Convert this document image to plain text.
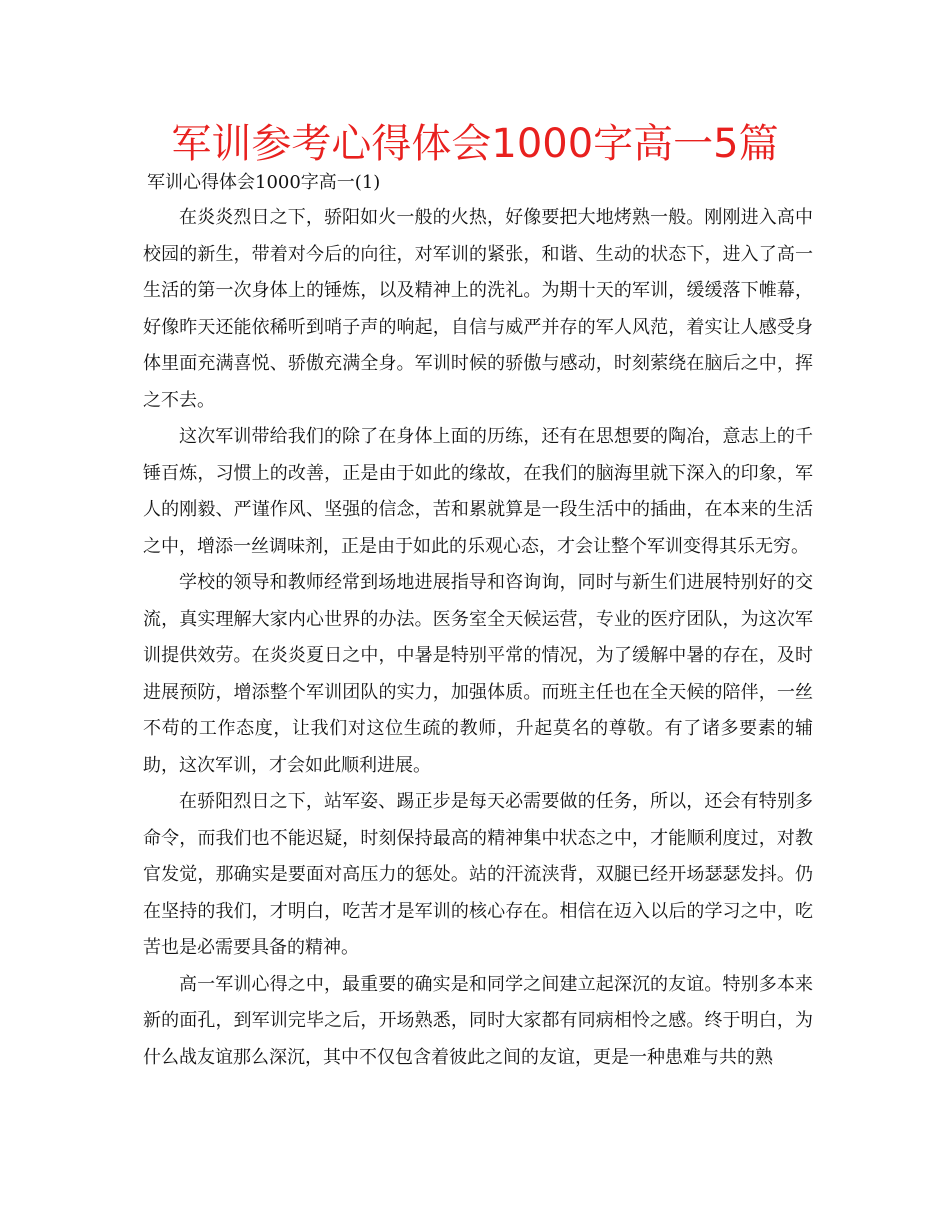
军训参考心得体会1000字高一5篇

军训心得体会1000字高一(1)

在炎炎烈日之下，骄阳如火一般的火热，好像要把大地烤熟一般。刚刚进入高中校园的新生，带着对今后的向往，对军训的紧张，和谐、生动的状态下，进入了高一生活的第一次身体上的锤炼，以及精神上的洗礼。为期十天的军训，缓缓落下帷幕，好像昨天还能依稀听到哨子声的响起，自信与威严并存的军人风范，着实让人感受身体里面充满喜悦、骄傲充满全身。军训时候的骄傲与感动，时刻萦绕在脑后之中，挥之不去。

这次军训带给我们的除了在身体上面的历练，还有在思想要的陶冶，意志上的千锤百炼，习惯上的改善，正是由于如此的缘故，在我们的脑海里就下深入的印象，军人的刚毅、严谨作风、坚强的信念，苦和累就算是一段生活中的插曲，在本来的生活之中，增添一丝调味剂，正是由于如此的乐观心态，才会让整个军训变得其乐无穷。

学校的领导和教师经常到场地进展指导和咨询询，同时与新生们进展特别好的交流，真实理解大家内心世界的办法。医务室全天候运营，专业的医疗团队，为这次军训提供效劳。在炎炎夏日之中，中暑是特别平常的情况，为了缓解中暑的存在，及时进展预防，增添整个军训团队的实力，加强体质。而班主任也在全天候的陪伴，一丝不苟的工作态度，让我们对这位生疏的教师，升起莫名的尊敬。有了诸多要素的辅助，这次军训，才会如此顺利进展。

在骄阳烈日之下，站军姿、踢正步是每天必需要做的任务，所以，还会有特别多命令，而我们也不能迟疑，时刻保持最高的精神集中状态之中，才能顺利度过，对教官发觉，那确实是要面对高压力的惩处。站的汗流浃背，双腿已经开场瑟瑟发抖。仍在坚持的我们，才明白，吃苦才是军训的核心存在。相信在迈入以后的学习之中，吃苦也是必需要具备的精神。

高一军训心得之中，最重要的确实是和同学之间建立起深沉的友谊。特别多本来新的面孔，到军训完毕之后，开场熟悉，同时大家都有同病相怜之感。终于明白，为什么战友谊那么深沉，其中不仅包含着彼此之间的友谊，更是一种患难与共的熟
